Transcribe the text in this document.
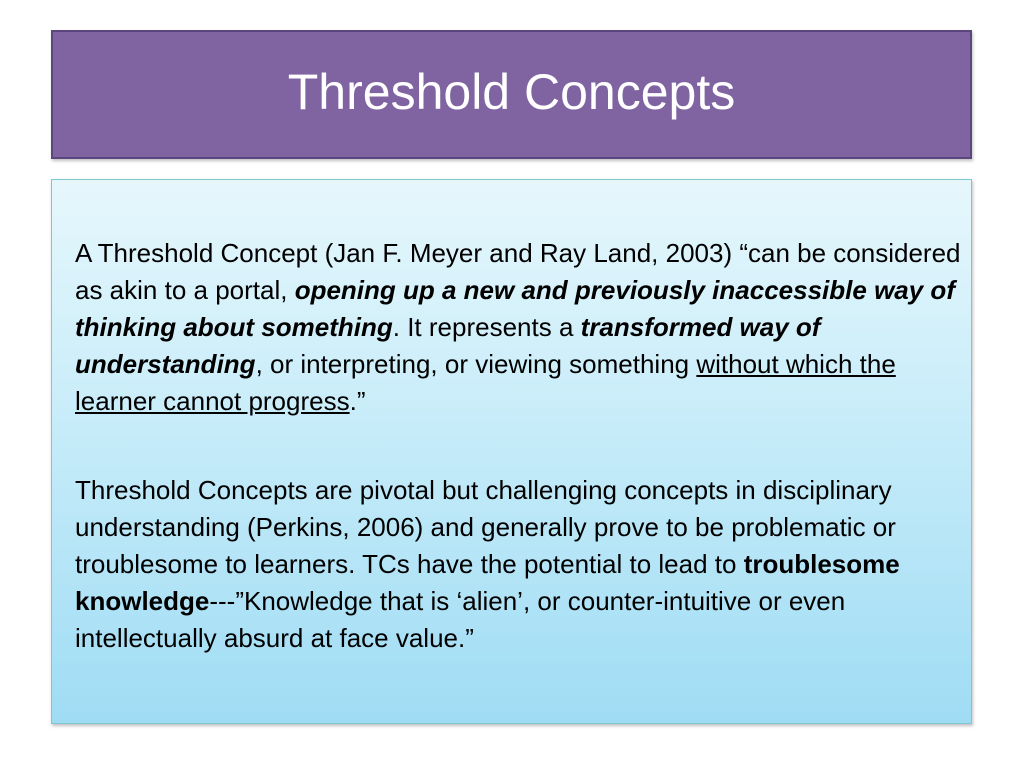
Threshold Concepts

A Threshold Concept (Jan F. Meyer and Ray Land, 2003) “can be considered as akin to a portal, opening up a new and previously inaccessible way of thinking about something. It represents a transformed way of understanding, or interpreting, or viewing something without which the learner cannot progress.”

Threshold Concepts are pivotal but challenging concepts in disciplinary understanding (Perkins, 2006) and generally prove to be problematic or troublesome to learners. TCs have the potential to lead to troublesome knowledge---”Knowledge that is ‘alien’, or counter-intuitive or even intellectually absurd at face value.”
